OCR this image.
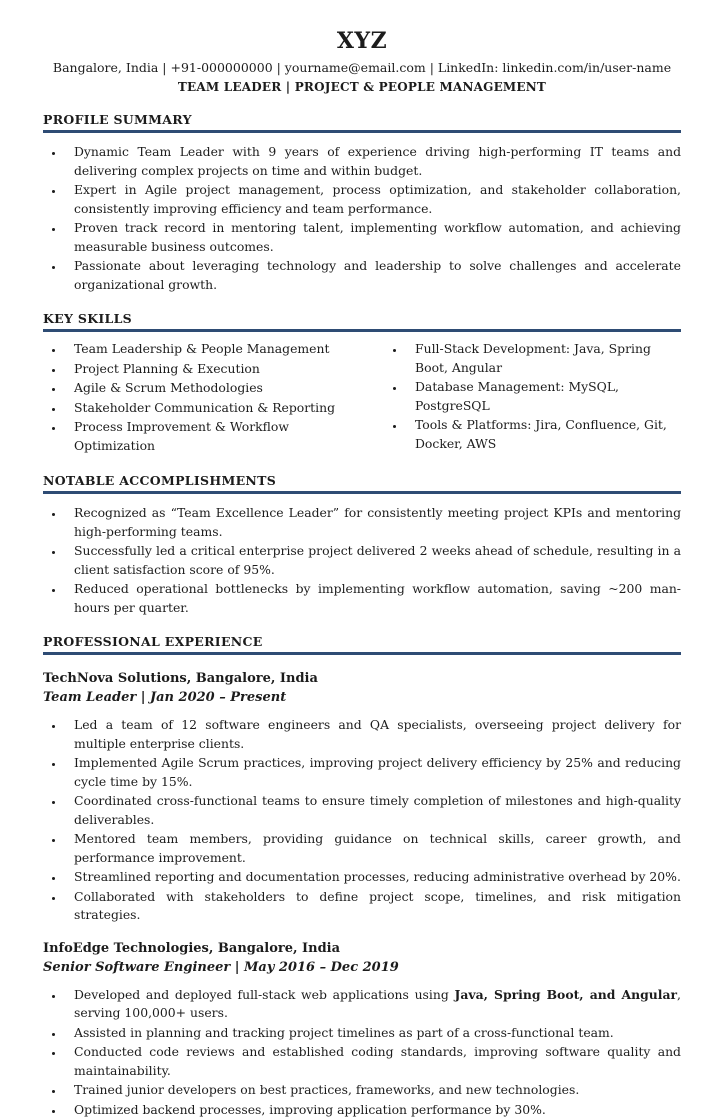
XYZ
Bangalore, India | +91-000000000 | yourname@email.com | LinkedIn: linkedin.com/in/user-name
TEAM LEADER | PROJECT & PEOPLE MANAGEMENT
PROFILE SUMMARY
• Dynamic Team Leader with 9 years of experience driving high-performing IT teams and delivering complex projects on time and within budget.
• Expert in Agile project management, process optimization, and stakeholder collaboration, consistently improving efficiency and team performance.
• Proven track record in mentoring talent, implementing workflow automation, and achieving measurable business outcomes.
• Passionate about leveraging technology and leadership to solve challenges and accelerate organizational growth.
KEY SKILLS
• Team Leadership & People Management
• Project Planning & Execution
• Agile & Scrum Methodologies
• Stakeholder Communication & Reporting
• Process Improvement & Workflow Optimization
• Full-Stack Development: Java, Spring Boot, Angular
• Database Management: MySQL, PostgreSQL
• Tools & Platforms: Jira, Confluence, Git, Docker, AWS
NOTABLE ACCOMPLISHMENTS
• Recognized as “Team Excellence Leader” for consistently meeting project KPIs and mentoring high-performing teams.
• Successfully led a critical enterprise project delivered 2 weeks ahead of schedule, resulting in a client satisfaction score of 95%.
• Reduced operational bottlenecks by implementing workflow automation, saving ~200 man-hours per quarter.
PROFESSIONAL EXPERIENCE
TechNova Solutions, Bangalore, India
Team Leader | Jan 2020 – Present
• Led a team of 12 software engineers and QA specialists, overseeing project delivery for multiple enterprise clients.
• Implemented Agile Scrum practices, improving project delivery efficiency by 25% and reducing cycle time by 15%.
• Coordinated cross-functional teams to ensure timely completion of milestones and high-quality deliverables.
• Mentored team members, providing guidance on technical skills, career growth, and performance improvement.
• Streamlined reporting and documentation processes, reducing administrative overhead by 20%.
• Collaborated with stakeholders to define project scope, timelines, and risk mitigation strategies.
InfoEdge Technologies, Bangalore, India
Senior Software Engineer | May 2016 – Dec 2019
• Developed and deployed full-stack web applications using Java, Spring Boot, and Angular, serving 100,000+ users.
• Assisted in planning and tracking project timelines as part of a cross-functional team.
• Conducted code reviews and established coding standards, improving software quality and maintainability.
• Trained junior developers on best practices, frameworks, and new technologies.
• Optimized backend processes, improving application performance by 30%.
